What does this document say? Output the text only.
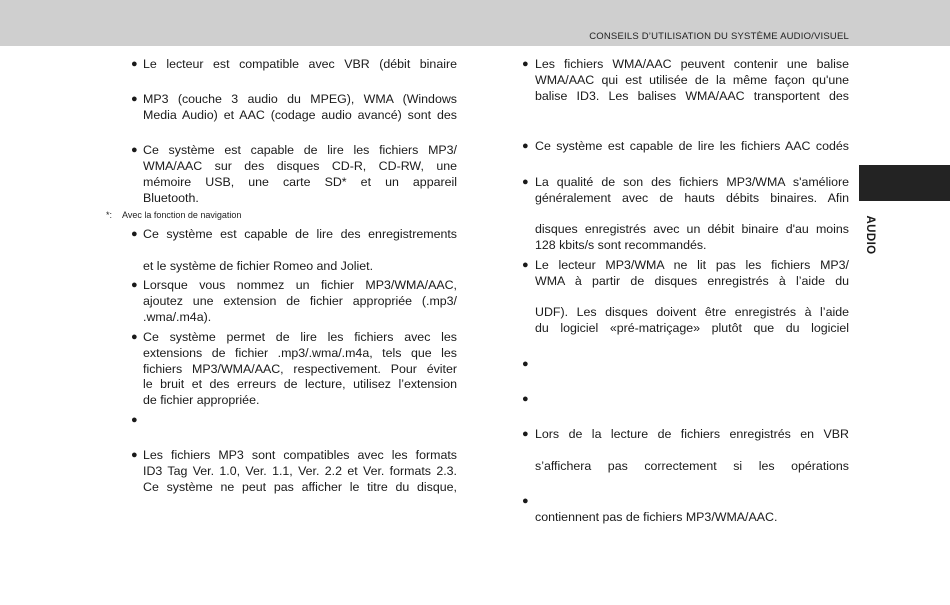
CONSEILS D’UTILISATION DU SYSTÈME AUDIO/VISUEL
● Le lecteur est compatible avec VBR (débit binaire
● MP3 (couche 3 audio du MPEG), WMA (Windows
Media Audio) et AAC (codage audio avancé) sont des
● Ce système est capable de lire les fichiers MP3/
WMA/AAC sur des disques CD-R, CD-RW, une
mémoire USB, une carte SD* et un appareil
Bluetooth.
*: Avec la fonction de navigation
● Ce système est capable de lire des enregistrements
et le système de fichier Romeo and Joliet.
● Lorsque vous nommez un fichier MP3/WMA/AAC,
ajoutez une extension de fichier appropriée (.mp3/
.wma/.m4a).
● Ce système permet de lire les fichiers avec les
extensions de fichier .mp3/.wma/.m4a, tels que les
fichiers MP3/WMA/AAC, respectivement. Pour éviter
le bruit et des erreurs de lecture, utilisez l’extension
de fichier appropriée.
●
● Les fichiers MP3 sont compatibles avec les formats
ID3 Tag Ver. 1.0, Ver. 1.1, Ver. 2.2 et Ver. formats 2.3.
Ce système ne peut pas afficher le titre du disque,
● Les fichiers WMA/AAC peuvent contenir une balise
WMA/AAC qui est utilisée de la même façon qu'une
balise ID3. Les balises WMA/AAC transportent des
● Ce système est capable de lire les fichiers AAC codés
● La qualité de son des fichiers MP3/WMA s'améliore
généralement avec de hauts débits binaires. Afin
disques enregistrés avec un débit binaire d'au moins
128 kbits/s sont recommandés.
● Le lecteur MP3/WMA ne lit pas les fichiers MP3/
WMA à partir de disques enregistrés à l’aide du
UDF). Les disques doivent être enregistrés à l’aide
du logiciel «pré-matriçage» plutôt que du logiciel
●
●
● Lors de la lecture de fichiers enregistrés en VBR
s’affichera pas correctement si les opérations
●
contiennent pas de fichiers MP3/WMA/AAC.
AUDIO
